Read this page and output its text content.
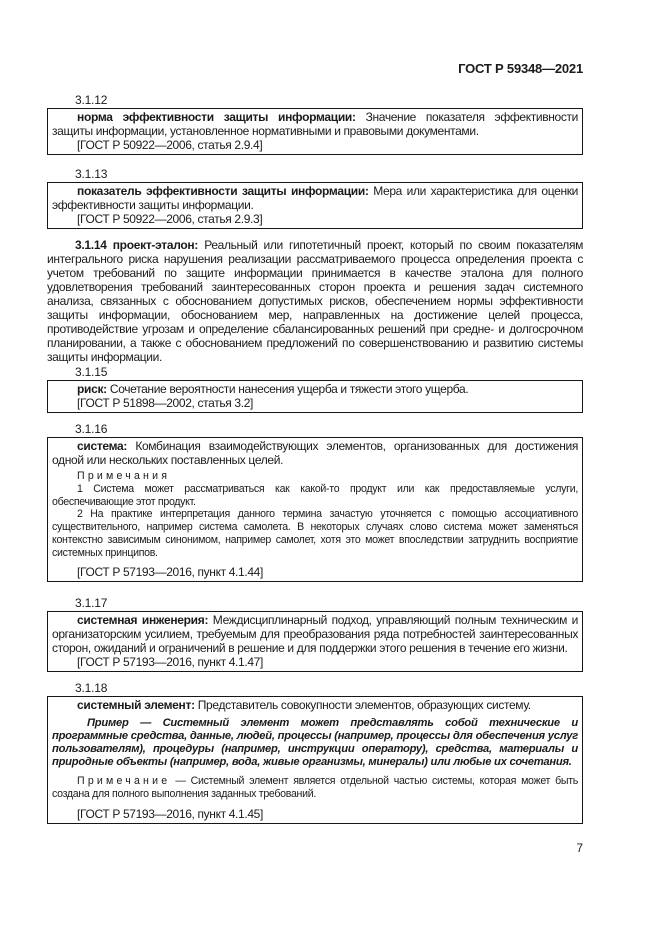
ГОСТ Р 59348—2021
3.1.12

норма эффективности защиты информации: Значение показателя эффективности защиты информации, установленное нормативными и правовыми документами.

[ГОСТ Р 50922—2006, статья 2.9.4]

3.1.13

показатель эффективности защиты информации: Мера или характеристика для оценки эффективности защиты информации.

[ГОСТ Р 50922—2006, статья 2.9.3]

3.1.14 проект-эталон: Реальный или гипотетичный проект, который по своим показателям интегрального риска нарушения реализации рассматриваемого процесса определения проекта с учетом требований по защите информации принимается в качестве эталона для полного удовлетворения требований заинтересованных сторон проекта и решения задач системного анализа, связанных с обоснованием допустимых рисков, обеспечением нормы эффективности защиты информации, обоснованием мер, направленных на достижение целей процесса, противодействие угрозам и определение сбалансированных решений при средне- и долгосрочном планировании, а также с обоснованием предложений по совершенствованию и развитию системы защиты информации.

3.1.15

риск: Сочетание вероятности нанесения ущерба и тяжести этого ущерба.

[ГОСТ Р 51898—2002, статья 3.2]

3.1.16

система: Комбинация взаимодействующих элементов, организованных для достижения одной или нескольких поставленных целей.

Примечания

1 Система может рассматриваться как какой-то продукт или как предоставляемые услуги, обеспечивающие этот продукт.

2 На практике интерпретация данного термина зачастую уточняется с помощью ассоциативного существительного, например система самолета. В некоторых случаях слово система может заменяться контекстно зависимым синонимом, например самолет, хотя это может впоследствии затруднить восприятие системных принципов.

[ГОСТ Р 57193—2016, пункт 4.1.44]

3.1.17

системная инженерия: Междисциплинарный подход, управляющий полным техническим и организаторским усилием, требуемым для преобразования ряда потребностей заинтересованных сторон, ожиданий и ограничений в решение и для поддержки этого решения в течение его жизни.

[ГОСТ Р 57193—2016, пункт 4.1.47]

3.1.18

системный элемент: Представитель совокупности элементов, образующих систему.

Пример — Системный элемент может представлять собой технические и программные средства, данные, людей, процессы (например, процессы для обеспечения услуг пользователям), процедуры (например, инструкции оператору), средства, материалы и природные объекты (например, вода, живые организмы, минералы) или любые их сочетания.

Примечание — Системный элемент является отдельной частью системы, которая может быть создана для полного выполнения заданных требований.

[ГОСТ Р 57193—2016, пункт 4.1.45]

7
